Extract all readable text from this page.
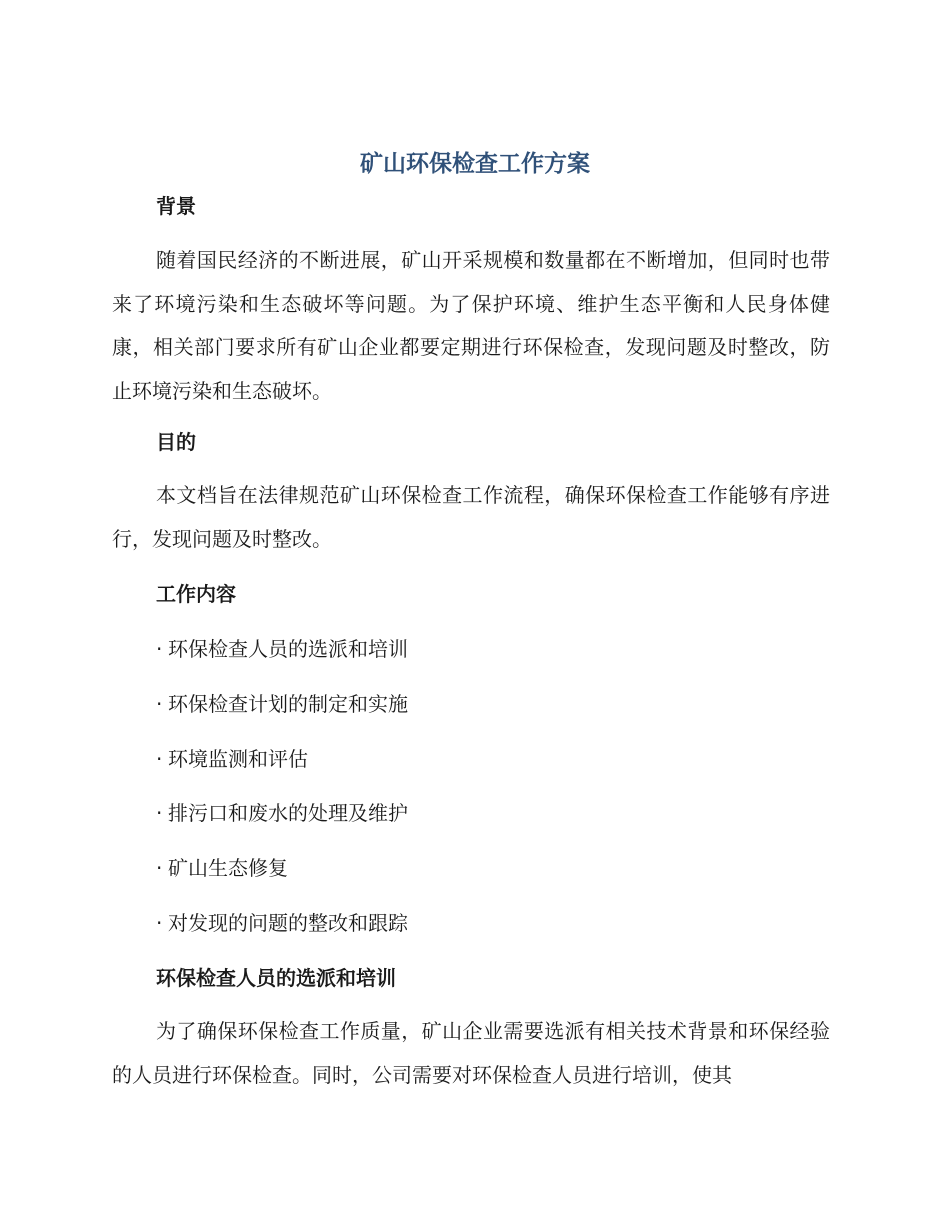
矿山环保检查工作方案
背景

随着国民经济的不断进展，矿山开采规模和数量都在不断增加，但同时也带来了环境污染和生态破坏等问题。为了保护环境、维护生态平衡和人民身体健康，相关部门要求所有矿山企业都要定期进行环保检查，发现问题及时整改，防止环境污染和生态破坏。

目的

本文档旨在法律规范矿山环保检查工作流程，确保环保检查工作能够有序进行，发现问题及时整改。

工作内容

· 环保检查人员的选派和培训

· 环保检查计划的制定和实施

· 环境监测和评估

· 排污口和废水的处理及维护

· 矿山生态修复

· 对发现的问题的整改和跟踪

环保检查人员的选派和培训

为了确保环保检查工作质量，矿山企业需要选派有相关技术背景和环保经验的人员进行环保检查。同时，公司需要对环保检查人员进行培训，使其
